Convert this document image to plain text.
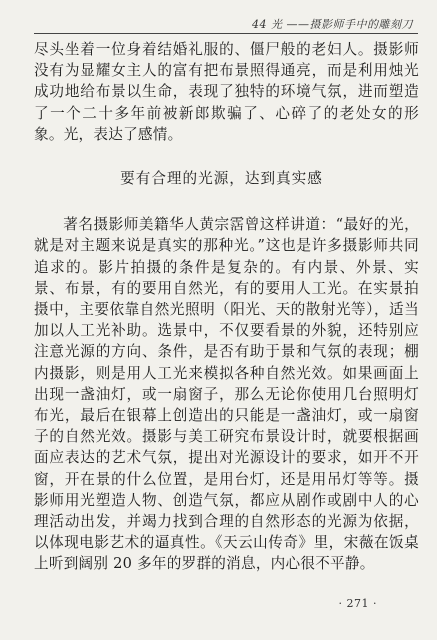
44 光 ——摄影师手中的雕刻刀

尽头坐着一位身着结婚礼服的、僵尸般的老妇人。摄影师没有为显耀女主人的富有把布景照得通亮，而是利用烛光成功地给布景以生命，表现了独特的环境气氛，进而塑造了一个二十多年前被新郎欺骗了、心碎了的老处女的形象。光，表达了感情。

要有合理的光源，达到真实感

著名摄影师美籍华人黄宗霑曾这样讲道：“最好的光，就是对主题来说是真实的那种光。”这也是许多摄影师共同追求的。影片拍摄的条件是复杂的。有内景、外景、实景、布景，有的要用自然光，有的要用人工光。在实景拍摄中，主要依靠自然光照明（阳光、天的散射光等），适当加以人工光补助。选景中，不仅要看景的外貌，还特别应注意光源的方向、条件，是否有助于景和气氛的表现；棚内摄影，则是用人工光来模拟各种自然光效。如果画面上出现一盏油灯，或一扇窗子，那么无论你使用几台照明灯布光，最后在银幕上创造出的只能是一盏油灯，或一扇窗子的自然光效。摄影与美工研究布景设计时，就要根据画面应表达的艺术气氛，提出对光源设计的要求，如开不开窗，开在景的什么位置，是用台灯，还是用吊灯等等。摄影师用光塑造人物、创造气氛，都应从剧作或剧中人的心理活动出发，并竭力找到合理的自然形态的光源为依据，以体现电影艺术的逼真性。《天云山传奇》里，宋薇在饭桌上听到阔别 20 多年的罗群的消息，内心很不平静。

· 271 ·
